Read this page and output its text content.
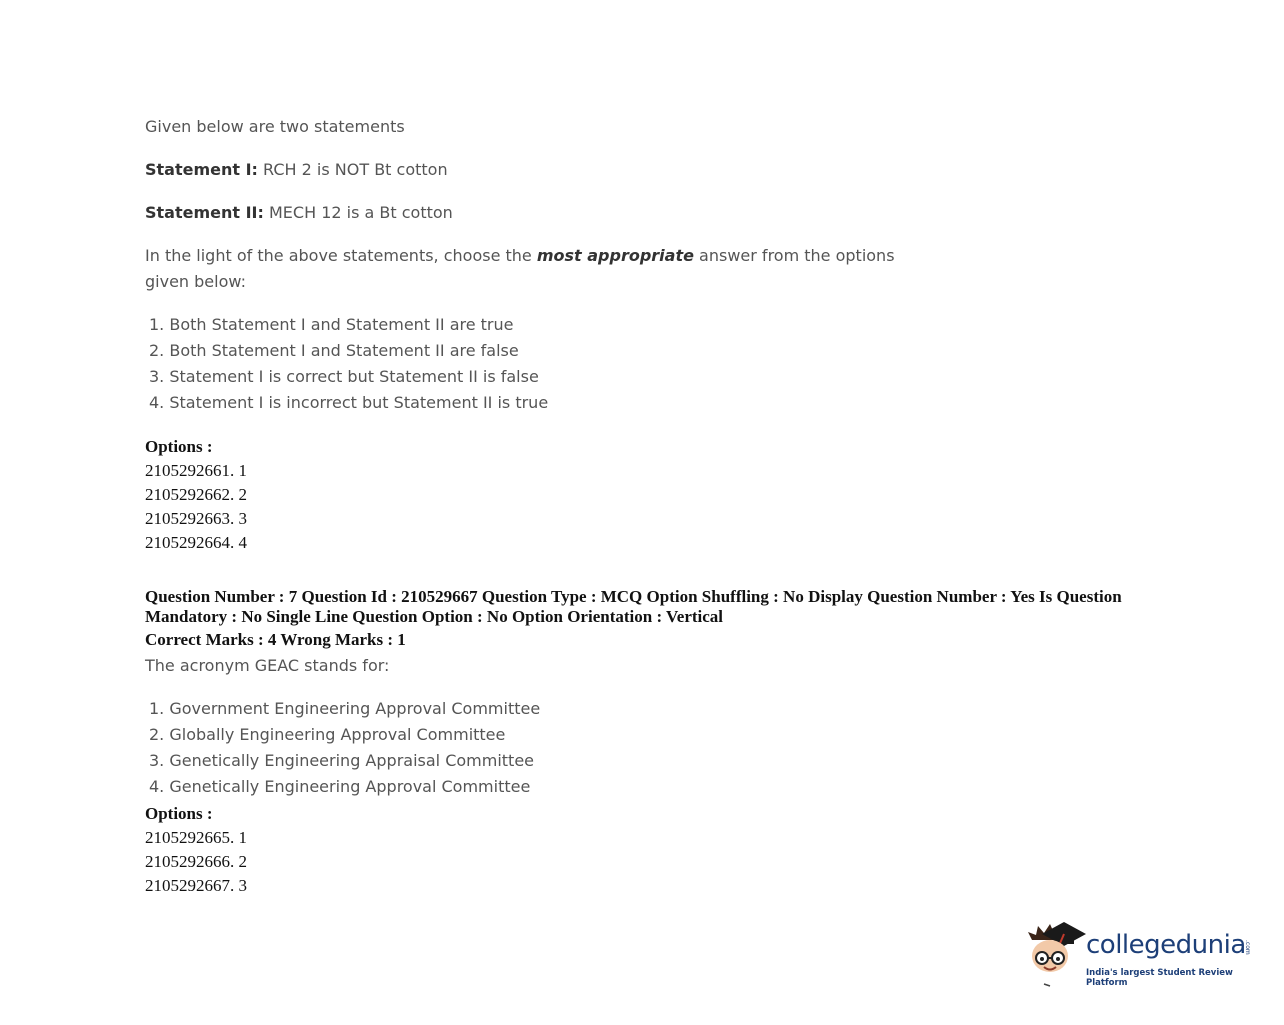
Given below are two statements
Statement I: RCH 2 is NOT Bt cotton
Statement II: MECH 12 is a Bt cotton
In the light of the above statements, choose the most appropriate answer from the options
given below:
1. Both Statement I and Statement II are true
2. Both Statement I and Statement II are false
3. Statement I is correct but Statement II is false
4. Statement I is incorrect but Statement II is true
Options :
2105292661. 1
2105292662. 2
2105292663. 3
2105292664. 4
Question Number : 7 Question Id : 210529667 Question Type : MCQ Option Shuffling : No Display Question Number : Yes Is Question Mandatory : No Single Line Question Option : No Option Orientation : Vertical
Correct Marks : 4 Wrong Marks : 1
The acronym GEAC stands for:
1. Government Engineering Approval Committee
2. Globally Engineering Approval Committee
3. Genetically Engineering Appraisal Committee
4. Genetically Engineering Approval Committee
Options :
2105292665. 1
2105292666. 2
2105292667. 3
collegedunia
.com
India's largest Student Review Platform
